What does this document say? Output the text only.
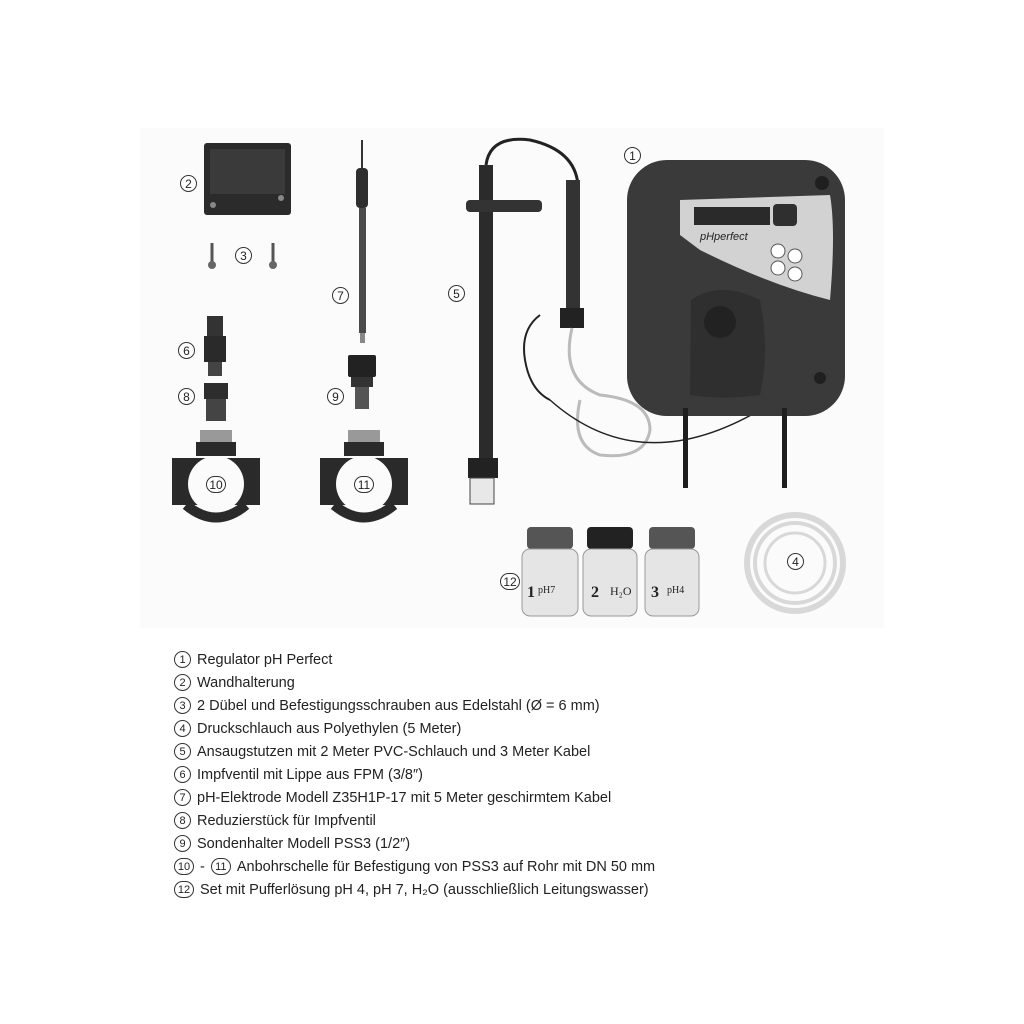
pHperfect
1 pH7 2 H₂O 3 pH4
1
2
3
4
5
6
7
8	9
10	11
12
1 Regulator pH Perfect
2 Wandhalterung
3 2 Dübel und Befestigungsschrauben aus Edelstahl (Ø = 6 mm)
4 Druckschlauch aus Polyethylen (5 Meter)
5 Ansaugstutzen mit 2 Meter PVC-Schlauch und 3 Meter Kabel
6 Impfventil mit Lippe aus FPM (3/8″)
7 pH-Elektrode Modell Z35H1P-17 mit 5 Meter geschirmtem Kabel
8 Reduzierstück für Impfventil
9 Sondenhalter Modell PSS3 (1/2″)
10 - 11 Anbohrschelle für Befestigung von PSS3 auf Rohr mit DN 50 mm
12 Set mit Pufferlösung pH 4, pH 7, H₂O (ausschließlich Leitungswasser)
